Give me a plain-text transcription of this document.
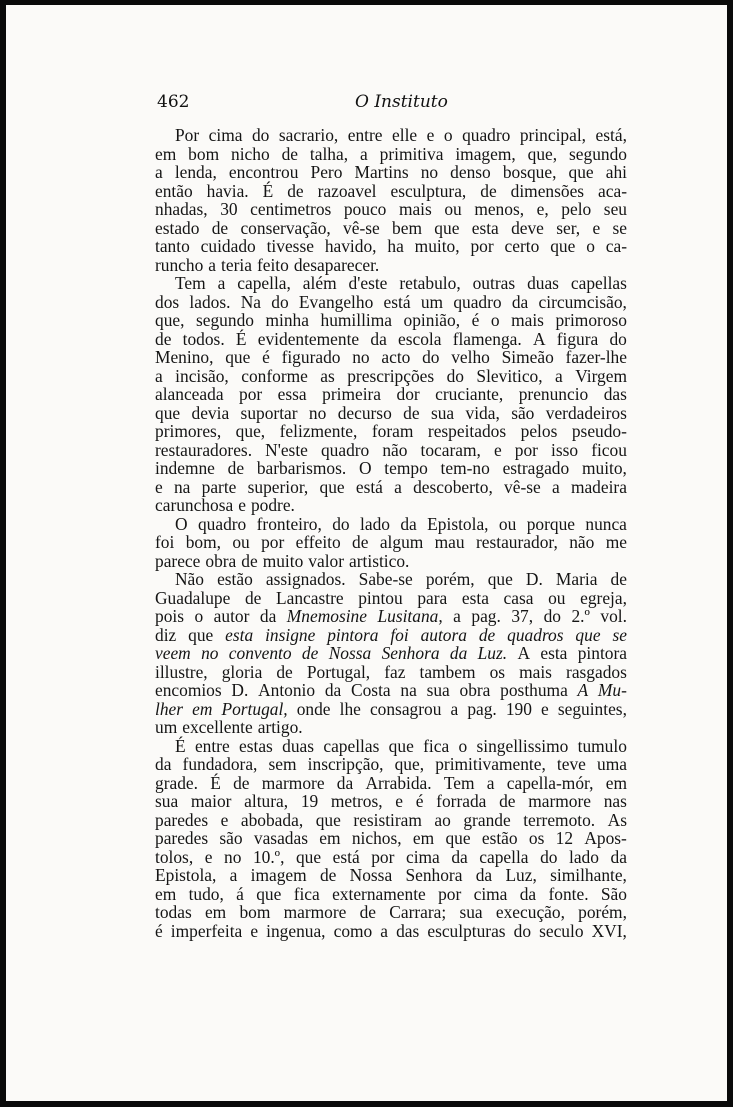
462	O Instituto
Por cima do sacrario, entre elle e o quadro principal, está,
em bom nicho de talha, a primitiva imagem, que, segundo
a lenda, encontrou Pero Martins no denso bosque, que ahi
então havia. É de razoavel esculptura, de dimensões aca-
nhadas, 30 centimetros pouco mais ou menos, e, pelo seu
estado de conservação, vê-se bem que esta deve ser, e se
tanto cuidado tivesse havido, ha muito, por certo que o ca-
runcho a teria feito desaparecer.
Tem a capella, além d'este retabulo, outras duas capellas
dos lados. Na do Evangelho está um quadro da circumcisão,
que, segundo minha humillima opinião, é o mais primoroso
de todos. É evidentemente da escola flamenga. A figura do
Menino, que é figurado no acto do velho Simeão fazer-lhe
a incisão, conforme as prescripções do Slevitico, a Virgem
alanceada por essa primeira dor cruciante, prenuncio das
que devia suportar no decurso de sua vida, são verdadeiros
primores, que, felizmente, foram respeitados pelos pseudo-
restauradores. N'este quadro não tocaram, e por isso ficou
indemne de barbarismos. O tempo tem-no estragado muito,
e na parte superior, que está a descoberto, vê-se a madeira
carunchosa e podre.
O quadro fronteiro, do lado da Epistola, ou porque nunca
foi bom, ou por effeito de algum mau restaurador, não me
parece obra de muito valor artistico.
Não estão assignados. Sabe-se porém, que D. Maria de
Guadalupe de Lancastre pintou para esta casa ou egreja,
pois o autor da Mnemosine Lusitana, a pag. 37, do 2.º vol.
diz que esta insigne pintora foi autora de quadros que se
veem no convento de Nossa Senhora da Luz. A esta pintora
illustre, gloria de Portugal, faz tambem os mais rasgados
encomios D. Antonio da Costa na sua obra posthuma A Mu-
lher em Portugal, onde lhe consagrou a pag. 190 e seguintes,
um excellente artigo.
É entre estas duas capellas que fica o singellissimo tumulo
da fundadora, sem inscripção, que, primitivamente, teve uma
grade. É de marmore da Arrabida. Tem a capella-mór, em
sua maior altura, 19 metros, e é forrada de marmore nas
paredes e abobada, que resistiram ao grande terremoto. As
paredes são vasadas em nichos, em que estão os 12 Apos-
tolos, e no 10.º, que está por cima da capella do lado da
Epistola, a imagem de Nossa Senhora da Luz, similhante,
em tudo, á que fica externamente por cima da fonte. São
todas em bom marmore de Carrara; sua execução, porém,
é imperfeita e ingenua, como a das esculpturas do seculo XVI,
